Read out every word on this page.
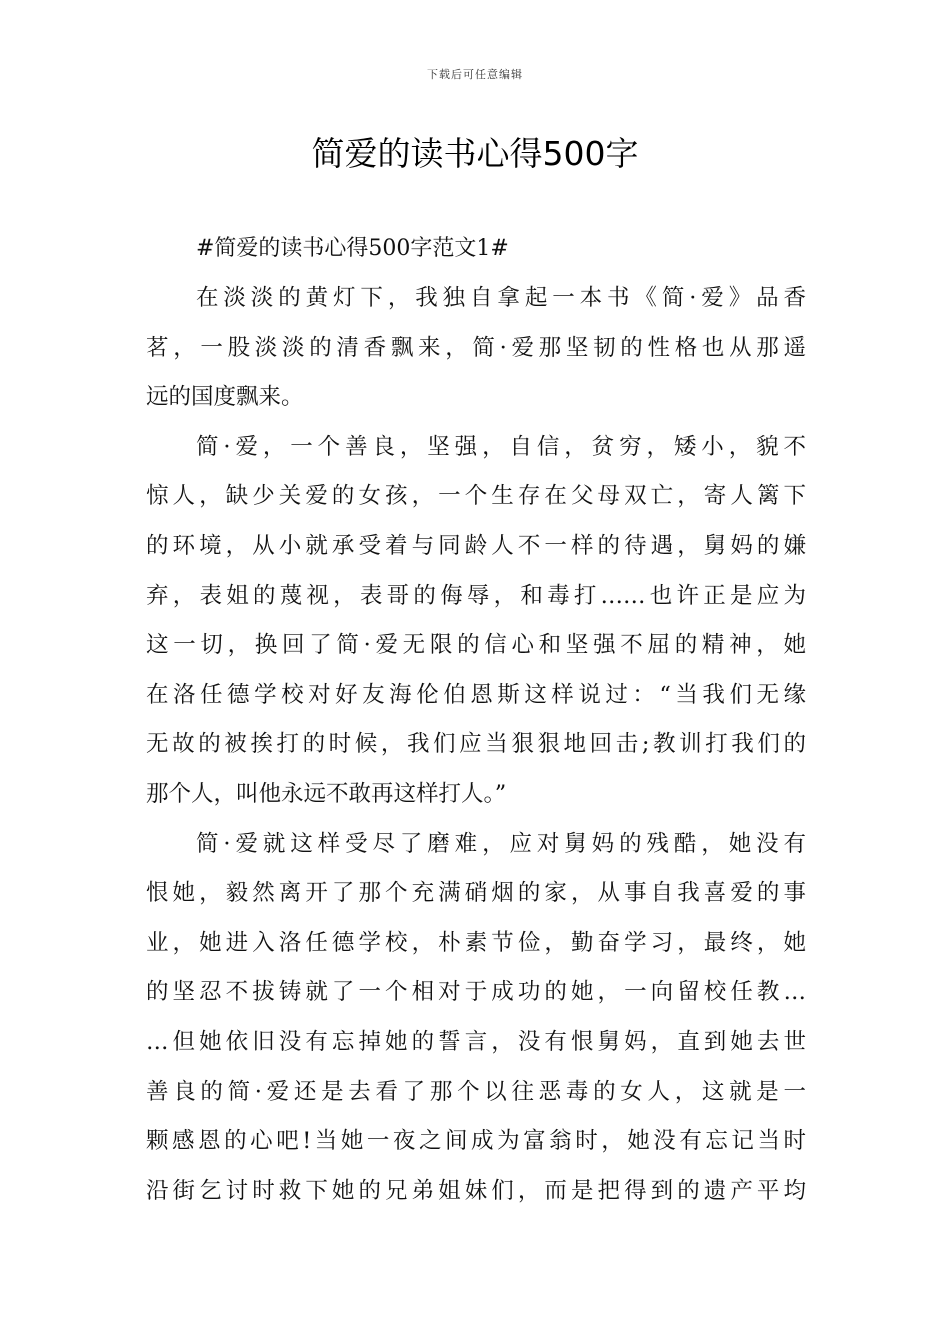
下载后可任意编辑
简爱的读书心得500字
#简爱的读书心得500字范文1#
在淡淡的黄灯下，我独自拿起一本书《简·爱》品香
茗，一股淡淡的清香飘来，简·爱那坚韧的性格也从那遥
远的国度飘来。
简·爱，一个善良，坚强，自信，贫穷，矮小，貌不
惊人，缺少关爱的女孩，一个生存在父母双亡，寄人篱下
的环境，从小就承受着与同龄人不一样的待遇，舅妈的嫌
弃，表姐的蔑视，表哥的侮辱，和毒打……也许正是应为
这一切，换回了简·爱无限的信心和坚强不屈的精神，她
在洛任德学校对好友海伦伯恩斯这样说过：“当我们无缘
无故的被挨打的时候，我们应当狠狠地回击;教训打我们的
那个人，叫他永远不敢再这样打人。”
简·爱就这样受尽了磨难，应对舅妈的残酷，她没有
恨她，毅然离开了那个充满硝烟的家，从事自我喜爱的事
业，她进入洛任德学校，朴素节俭，勤奋学习，最终，她
的坚忍不拔铸就了一个相对于成功的她，一向留校任教…
…但她依旧没有忘掉她的誓言，没有恨舅妈，直到她去世
善良的简·爱还是去看了那个以往恶毒的女人，这就是一
颗感恩的心吧!当她一夜之间成为富翁时，她没有忘记当时
沿街乞讨时救下她的兄弟姐妹们，而是把得到的遗产平均
